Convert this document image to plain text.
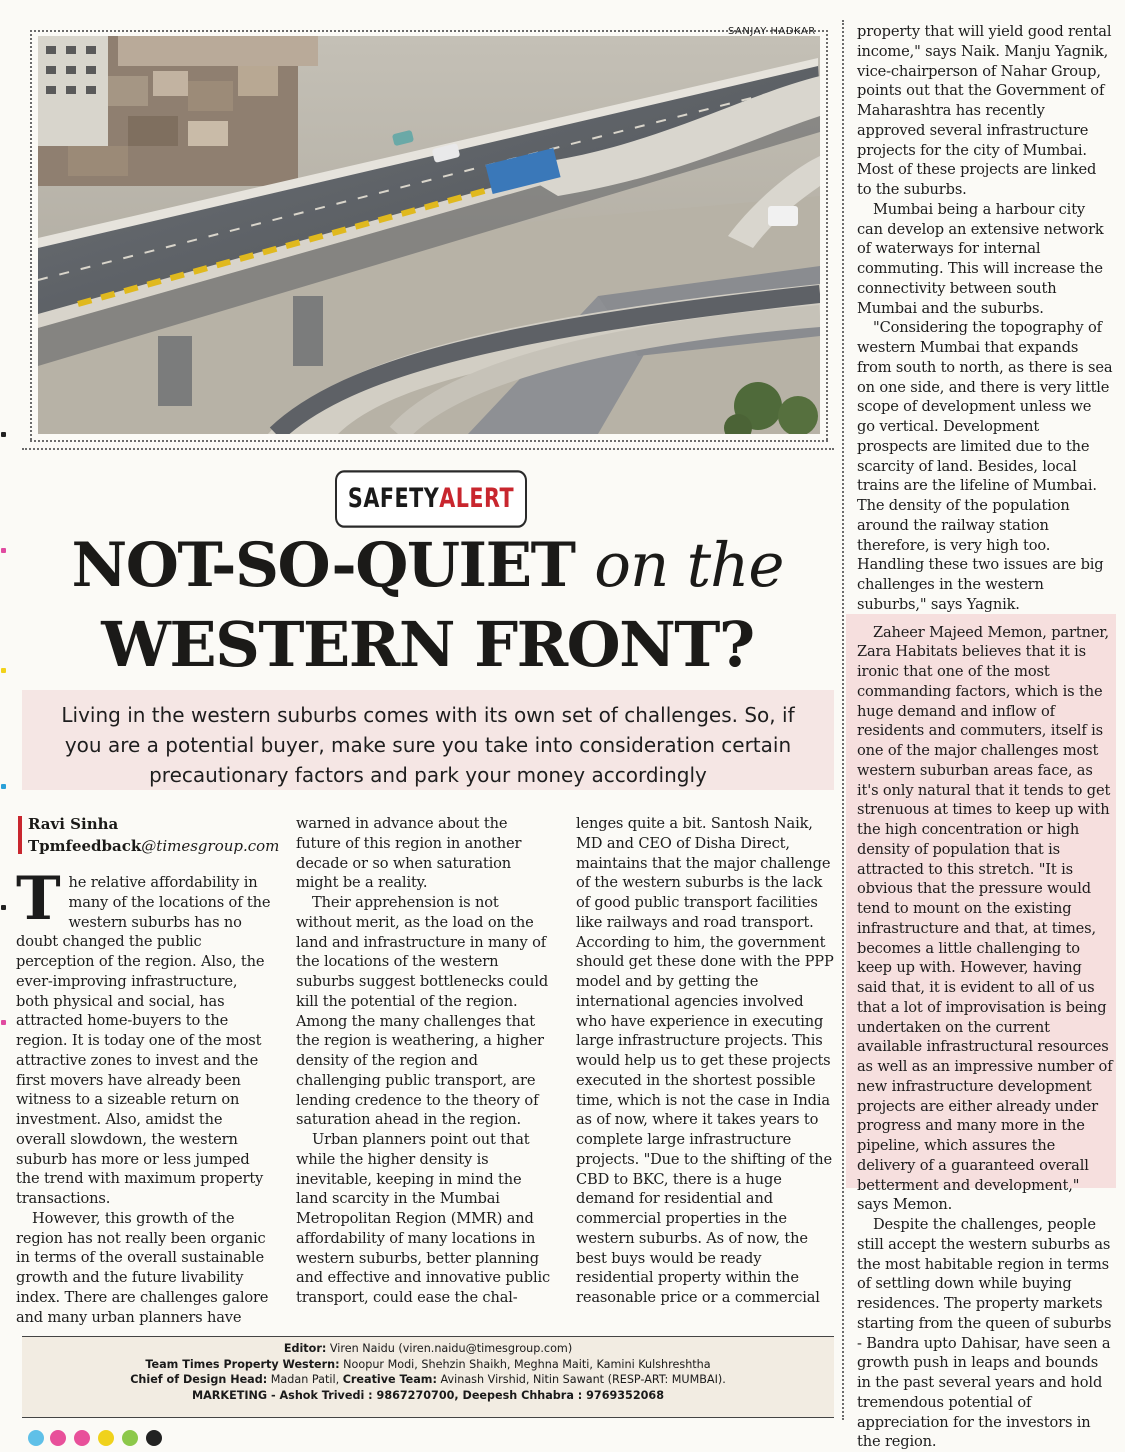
SANJAY HADKAR
SAFETY ALERT
NOT-SO-QUIET on the
WESTERN FRONT?
Living in the western suburbs comes with its own set of challenges. So, if
you are a potential buyer, make sure you take into consideration certain
precautionary factors and park your money accordingly
Ravi Sinha
Tpmfeedback@timesgroup.com

The relative affordability in many of the locations of the western suburbs has no doubt changed the public perception of the region. Also, the ever-improving infrastructure, both physical and social, has attracted home-buyers to the region. It is today one of the most attractive zones to invest and the first movers have already been witness to a sizeable return on investment. Also, amidst the overall slowdown, the western suburb has more or less jumped the trend with maximum property transactions.

However, this growth of the region has not really been organic in terms of the overall sustainable growth and the future livability index. There are challenges galore and many urban planners have

warned in advance about the future of this region in another decade or so when saturation might be a reality.

Their apprehension is not without merit, as the load on the land and infrastructure in many of the locations of the western suburbs suggest bottlenecks could kill the potential of the region. Among the many challenges that the region is weathering, a higher density of the region and challenging public transport, are lending credence to the theory of saturation ahead in the region.

Urban planners point out that while the higher density is inevitable, keeping in mind the land scarcity in the Mumbai Metropolitan Region (MMR) and affordability of many locations in western suburbs, better planning and effective and innovative public transport, could ease the chal-

lenges quite a bit. Santosh Naik, MD and CEO of Disha Direct, maintains that the major challenge of the western suburbs is the lack of good public transport facilities like railways and road transport. According to him, the government should get these done with the PPP model and by getting the international agencies involved who have experience in executing large infrastructure projects. This would help us to get these projects executed in the shortest possible time, which is not the case in India as of now, where it takes years to complete large infrastructure projects. "Due to the shifting of the CBD to BKC, there is a huge demand for residential and commercial properties in the western suburbs. As of now, the best buys would be ready residential property within the reasonable price or a commercial

property that will yield good rental income," says Naik. Manju Yagnik, vice-chairperson of Nahar Group, points out that the Government of Maharashtra has recently approved several infrastructure projects for the city of Mumbai. Most of these projects are linked to the suburbs.

Mumbai being a harbour city can develop an extensive network of waterways for internal commuting. This will increase the connectivity between south Mumbai and the suburbs.

"Considering the topography of western Mumbai that expands from south to north, as there is sea on one side, and there is very little scope of development unless we go vertical. Development prospects are limited due to the scarcity of land. Besides, local trains are the lifeline of Mumbai. The density of the population around the railway station therefore, is very high too. Handling these two issues are big challenges in the western suburbs," says Yagnik.

Zaheer Majeed Memon, partner, Zara Habitats believes that it is ironic that one of the most commanding factors, which is the huge demand and inflow of residents and commuters, itself is one of the major challenges most western suburban areas face, as it's only natural that it tends to get strenuous at times to keep up with the high concentration or high density of population that is attracted to this stretch. "It is obvious that the pressure would tend to mount on the existing infrastructure and that, at times, becomes a little challenging to keep up with. However, having said that, it is evident to all of us that a lot of improvisation is being undertaken on the current available infrastructural resources as well as an impressive number of new infrastructure development projects are either already under progress and many more in the pipeline, which assures the delivery of a guaranteed overall betterment and development," says Memon.

Despite the challenges, people still accept the western suburbs as the most habitable region in terms of settling down while buying residences. The property markets starting from the queen of suburbs - Bandra upto Dahisar, have seen a growth push in leaps and bounds in the past several years and hold tremendous potential of appreciation for the investors in the region.

Editor: Viren Naidu (viren.naidu@timesgroup.com)
Team Times Property Western: Noopur Modi, Shehzin Shaikh, Meghna Maiti, Kamini Kulshreshtha
Chief of Design Head: Madan Patil, Creative Team: Avinash Virshid, Nitin Sawant (RESP-ART: MUMBAI).
MARKETING - Ashok Trivedi : 9867270700, Deepesh Chhabra : 9769352068
